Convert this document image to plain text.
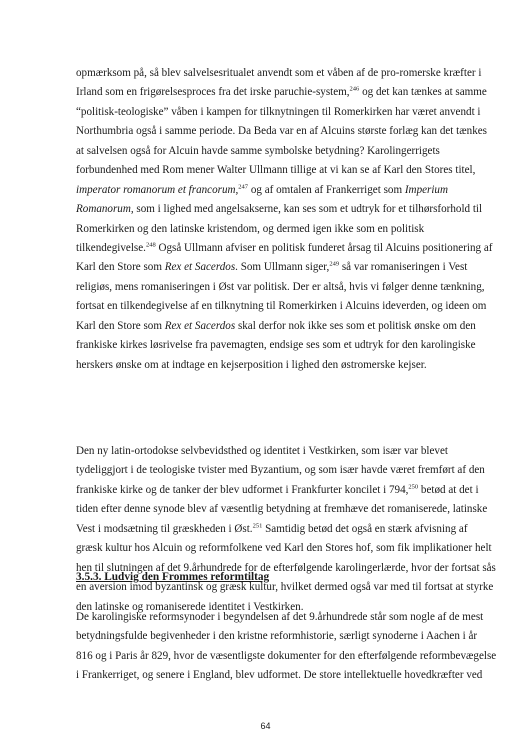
opmærksom på, så blev salvelsesritualet anvendt som et våben af de pro-romerske kræfter i
Irland som en frigørelsesproces fra det irske paruchie-system,$^{246}$ og det kan tænkes at samme
“politisk-teologiske” våben i kampen for tilknytningen til Romerkirken har været anvendt i
Northumbria også i samme periode. Da Beda var en af Alcuins største forlæg kan det tænkes
at salvelsen også for Alcuin havde samme symbolske betydning? Karolingerrigets
forbundenhed med Rom mener Walter Ullmann tillige at vi kan se af Karl den Stores titel,
imperator romanorum et francorum,$^{247}$ og af omtalen af Frankerriget som Imperium
Romanorum, som i lighed med angelsakserne, kan ses som et udtryk for et tilhørsforhold til
Romerkirken og den latinske kristendom, og dermed igen ikke som en politisk
tilkendegivelse.$^{248}$ Også Ullmann afviser en politisk funderet årsag til Alcuins positionering af
Karl den Store som Rex et Sacerdos. Som Ullmann siger,$^{249}$ så var romaniseringen i Vest
religiøs, mens romaniseringen i Øst var politisk. Der er altså, hvis vi følger denne tænkning,
fortsat en tilkendegivelse af en tilknytning til Romerkirken i Alcuins ideverden, og ideen om
Karl den Store som Rex et Sacerdos skal derfor nok ikke ses som et politisk ønske om den
frankiske kirkes løsrivelse fra pavemagten, endsige ses som et udtryk for den karolingiske
herskers ønske om at indtage en kejserposition i lighed den østromerske kejser.
Den ny latin-ortodokse selvbevidsthed og identitet i Vestkirken, som især var blevet
tydeliggjort i de teologiske tvister med Byzantium, og som især havde været fremført af den
frankiske kirke og de tanker der blev udformet i Frankfurter koncilet i 794,$^{250}$ betød at det i
tiden efter denne synode blev af væsentlig betydning at fremhæve det romaniserede, latinske
Vest i modsætning til græskheden i Øst.$^{251}$ Samtidig betød det også en stærk afvisning af
græsk kultur hos Alcuin og reformfolkene ved Karl den Stores hof, som fik implikationer helt
hen til slutningen af det 9.århundrede for de efterfølgende karolingerlærde, hvor der fortsat sås
en aversion imod byzantinsk og græsk kultur, hvilket dermed også var med til fortsat at styrke
den latinske og romaniserede identitet i Vestkirken.
3.5.3. Ludvig den Frommes reformtiltag
De karolingiske reformsynoder i begyndelsen af det 9.århundrede står som nogle af de mest
betydningsfulde begivenheder i den kristne reformhistorie, særligt synoderne i Aachen i år
816 og i Paris år 829, hvor de væsentligste dokumenter for den efterfølgende reformbevægelse
i Frankerriget, og senere i England, blev udformet. De store intellektuelle hovedkræfter ved
64
